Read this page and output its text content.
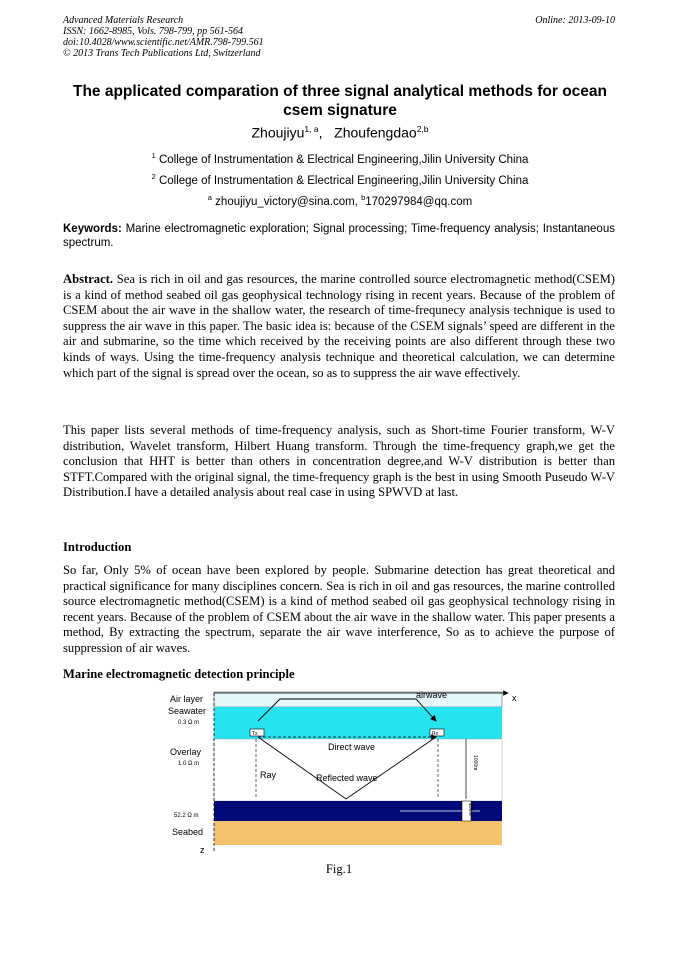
Advanced Materials Research
ISSN: 1662-8985, Vols. 798-799, pp 561-564
doi:10.4028/www.scientific.net/AMR.798-799.561
© 2013 Trans Tech Publications Ltd, Switzerland
Online: 2013-09-10
The applicated comparation of three signal analytical methods for ocean csem signature
Zhoujiyu$^{1, a}$,   Zhoufengdao$^{2,b}$
$^1$ College of Instrumentation & Electrical Engineering,Jilin University China
$^2$ College of Instrumentation & Electrical Engineering,Jilin University China
$^a$ zhoujiyu_victory@sina.com, $^b$170297984@qq.com
Keywords: Marine electromagnetic exploration; Signal processing; Time-frequency analysis; Instantaneous spectrum.
Abstract. Sea is rich in oil and gas resources, the marine controlled source electromagnetic method(CSEM) is a kind of method seabed oil gas geophysical technology rising in recent years. Because of the problem of CSEM about the air wave in the shallow water, the research of time-frequnecy analysis technique is used to suppress the air wave in this paper. The basic idea is: because of the CSEM signals’ speed are different in the air and submarine, so the time which received by the receiving points are also different through these two kinds of ways. Using the time-frequency analysis technique and theoretical calculation, we can determine which part of the signal is spread over the ocean, so as to suppress the air wave effectively.
This paper lists several methods of time-frequency analysis, such as Short-time Fourier transform, W-V distribution, Wavelet transform, Hilbert Huang transform. Through the time-frequency graph,we get the conclusion that HHT is better than others in concentration degree,and W-V distribution is better than STFT.Compared with the original signal, the time-frequency graph is the best in using Smooth Puseudo W-V Distribution.I have a detailed analysis about real case in using SPWVD at last.
Introduction
So far, Only 5% of ocean have been explored by people. Submarine detection has great theoretical and practical significance for many disciplines concern. Sea is rich in oil and gas resources, the marine controlled source electromagnetic method(CSEM) is a kind of method seabed oil gas geophysical technology rising in recent years. Because of the problem of CSEM about the air wave in the shallow water. This paper presents a method, By extracting the spectrum, separate the air wave interference, So as to achieve the purpose of suppression of air waves.
Marine electromagnetic detection principle
x
z
Air layer
Seawater
0.3 Ω m
Overlay
1.0 Ω m
52.2 Ω m
Seabed
airwave
Tx	Rx
Direct wave
Reflected wave
Ray
1000m
100m
Fig.1
